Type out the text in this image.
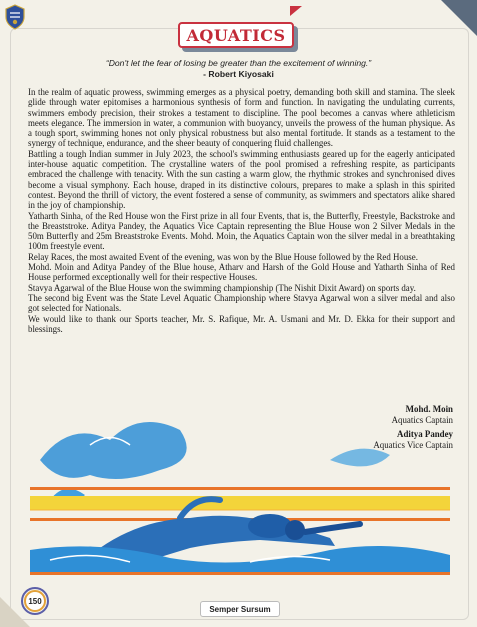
AQUATICS
“Don't let the fear of losing be greater than the excitement of winning.”
- Robert Kiyosaki

In the realm of aquatic prowess, swimming emerges as a physical poetry, demanding both skill and stamina. The sleek glide through water epitomises a harmonious synthesis of form and function. In navigating the undulating currents, swimmers embody precision, their strokes a testament to discipline. The pool becomes a canvas where athleticism meets elegance. The immersion in water, a communion with buoyancy, unveils the prowess of the human physique. As a tough sport, swimming hones not only physical robustness but also mental fortitude. It stands as a testament to the synergy of technique, endurance, and the sheer beauty of conquering fluid challenges.

Battling a tough Indian summer in July 2023, the school's swimming enthusiasts geared up for the eagerly anticipated inter-house aquatic competition. The crystalline waters of the pool promised a refreshing respite, as participants embraced the challenge with tenacity. With the sun casting a warm glow, the rhythmic strokes and synchronised dives become a visual symphony. Each house, draped in its distinctive colours, prepares to make a splash in this spirited contest. Beyond the thrill of victory, the event fostered a sense of community, as swimmers and spectators alike shared in the joy of championship.

Yatharth Sinha, of the Red House won the First prize in all four Events, that is, the Butterfly, Freestyle, Backstroke and the Breaststroke. Aditya Pandey, the Aquatics Vice Captain representing the Blue House won 2 Silver Medals in the 50m Butterfly and 25m Breaststroke Events. Mohd. Moin, the Aquatics Captain won the silver medal in a breathtaking 100m freestyle event.

Relay Races, the most awaited Event of the evening, was won by the Blue House followed by the Red House.

Mohd. Moin and Aditya Pandey of the Blue house, Atharv and Harsh of the Gold House and Yatharth Sinha of Red House performed exceptionally well for their respective Houses.

Stavya Agarwal of the Blue House won the swimming championship (The Nishit Dixit Award) on sports day.

The second big Event was the State Level Aquatic Championship where Stavya Agarwal won a silver medal and also got selected for Nationals.

We would like to thank our Sports teacher, Mr. S. Rafique, Mr. A. Usmani and Mr. D. Ekka for their support and blessings.

Mohd. Moin
Aquatics Captain
Aditya Pandey
Aquatics Vice Captain
150
Semper Sursum
